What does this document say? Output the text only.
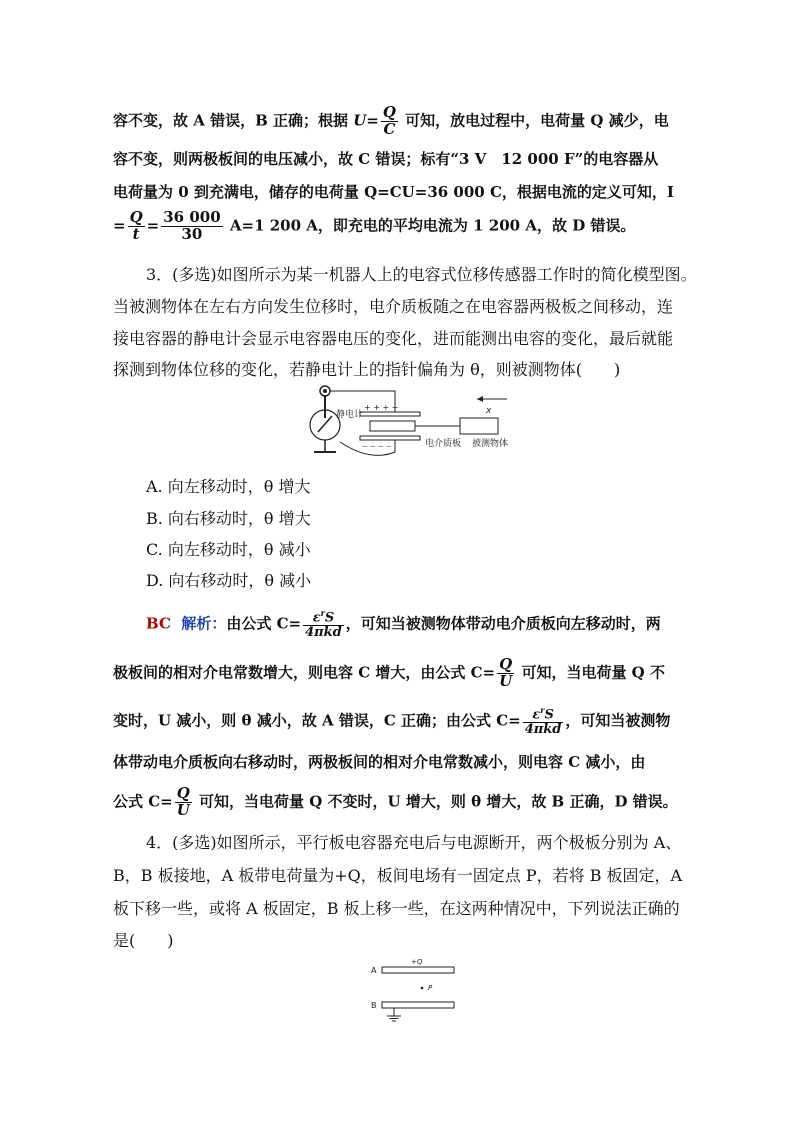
容不变，故 A 错误，B 正确；根据 $U= \frac{Q}{C}$ 可知，放电过程中，电荷量 Q 减少，电
容不变，则两极板间的电压减小，故 C 错误；标有“3 V　12 000 F”的电容器从
电荷量为 0 到充满电，储存的电荷量 Q=CU=36 000 C，根据电流的定义可知，I
= $\frac{Q}{t} = \frac{36 000}{30} A=1$ 200 A，即充电的平均电流为 1 200 A，故 D 错误。
3．(多选)如图所示为某一机器人上的电容式位移传感器工作时的简化模型图。
当被测物体在左右方向发生位移时，电介质板随之在电容器两极板之间移动，连
接电容器的静电计会显示电容器电压的变化，进而能测出电容的变化，最后就能
探测到物体位移的变化，若静电计上的指针偏角为 θ，则被测物体(　　)
+ + + +
— — — —
静电计
电介质板 被测物体
x
A. 向左移动时，θ 增大
B. 向右移动时，θ 增大
C. 向左移动时，θ 减小
D. 向右移动时，θ 减小
BC 解析：由公式 $C= \frac{\varepsilon^rS}{\text{4πkd}}$ ，可知当被测物体带动电介质板向左移动时，两
极板间的相对介电常数增大，则电容 C 增大，由公式 $C= \frac{Q}{U}$ 可知，当电荷量 Q 不
变时，U 减小，则 θ 减小，故 A 错误，C 正确；由公式 $C= \frac{\varepsilon^rS}{\text{4πkd}}$ ，可知当被测物
体带动电介质板向右移动时，两极板间的相对介电常数减小，则电容 C 减小，由
公式 $C= \frac{Q}{U}$ 可知，当电荷量 Q 不变时，U 增大，则 θ 增大，故 B 正确，D 错误。
4．(多选)如图所示，平行板电容器充电后与电源断开，两个极板分别为 A、
B，B 板接地，A 板带电荷量为+Q，板间电场有一固定点 P，若将 B 板固定，A
板下移一些，或将 A 板固定，B 板上移一些，在这两种情况中，下列说法正确的
是(　　)
A
+Q
P
B
